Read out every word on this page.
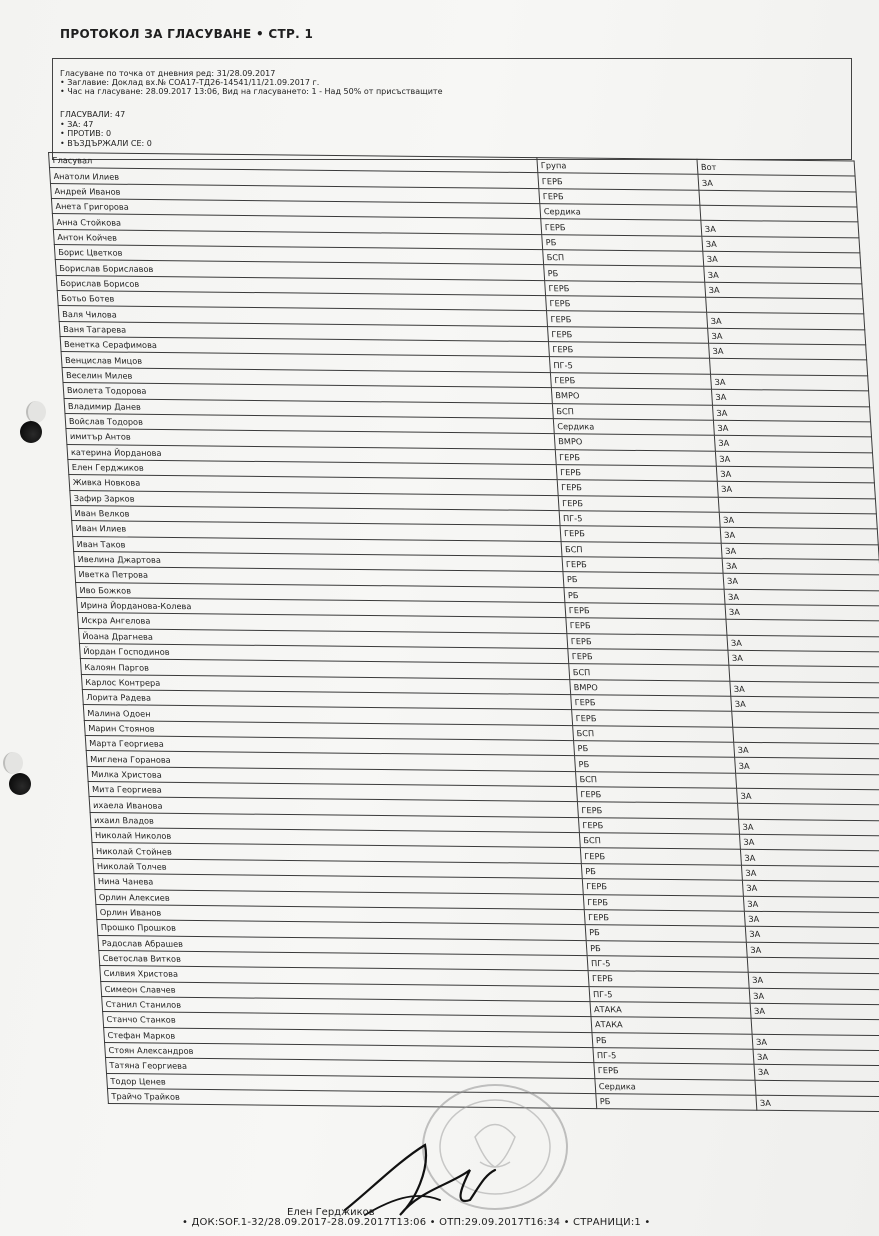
ПРОТОКОЛ ЗА ГЛАСУВАНЕ • СТР. 1
Гласуване по точка от дневния ред: 31/28.09.2017
• Заглавие: Доклад вх.№ СОА17-ТД26-14541/11/21.09.2017 г.
• Час на гласуване: 28.09.2017 13:06, Вид на гласуването: 1 - Над 50% от присъстващите
ГЛАСУВАЛИ: 47
• ЗА: 47
• ПРОТИВ: 0
• ВЪЗДЪРЖАЛИ СЕ: 0
Гласувал	Група	Вот
Анатоли Илиев	ГЕРБ	ЗА
Андрей Иванов	ГЕРБ	
Анета Григорова	Сердика	
Анна Стойкова	ГЕРБ	ЗА
Антон Койчев	РБ	ЗА
Борис Цветков	БСП	ЗА
Борислав Бориславов	РБ	ЗА
Борислав Борисов	ГЕРБ	ЗА
Ботьо Ботев	ГЕРБ	
Валя Чилова	ГЕРБ	ЗА
Ваня Тагарева	ГЕРБ	ЗА
Венетка Серафимова	ГЕРБ	ЗА
Венцислав Мицов	ПГ-5	
Веселин Милев	ГЕРБ	ЗА
Виолета Тодорова	ВМРО	ЗА
Владимир Данев	БСП	ЗА
Войслав Тодоров	Сердика	ЗА
имитър Антов	ВМРО	ЗА
катерина Йорданова	ГЕРБ	ЗА
Елен Герджиков	ГЕРБ	ЗА
Живка Новкова	ГЕРБ	ЗА
Зафир Зарков	ГЕРБ	
Иван Велков	ПГ-5	ЗА
Иван Илиев	ГЕРБ	ЗА
Иван Таков	БСП	ЗА
Ивелина Джартова	ГЕРБ	ЗА
Иветка Петрова	РБ	ЗА
Иво Божков	РБ	ЗА
Ирина Йорданова-Колева	ГЕРБ	ЗА
Искра Ангелова	ГЕРБ	
Йоана Драгнева	ГЕРБ	ЗА
Йордан Господинов	ГЕРБ	ЗА
Калоян Паргов	БСП	
Карлос Контрера	ВМРО	ЗА
Лорита Радева	ГЕРБ	ЗА
Малина Одоен	ГЕРБ	
Марин Стоянов	БСП	
Марта Георгиева	РБ	ЗА
Миглена Горанова	РБ	ЗА
Милка Христова	БСП	
Мита Георгиева	ГЕРБ	ЗА
ихаела Иванова	ГЕРБ	
ихаил Владов	ГЕРБ	ЗА
Николай Николов	БСП	ЗА
Николай Стойнев	ГЕРБ	ЗА
Николай Толчев	РБ	ЗА
Нина Чанева	ГЕРБ	ЗА
Орлин Алексиев	ГЕРБ	ЗА
Орлин Иванов	ГЕРБ	ЗА
Прошко Прошков	РБ	ЗА
Радослав Абрашев	РБ	ЗА
Светослав Витков	ПГ-5	
Силвия Христова	ГЕРБ	ЗА
Симеон Славчев	ПГ-5	ЗА
Станил Станилов	АТАКА	ЗА
Станчо Станков	АТАКА	
Стефан Марков	РБ	ЗА
Стоян Александров	ПГ-5	ЗА
Татяна Георгиева	ГЕРБ	ЗА
Тодор Ценев	Сердика	
Трайчо Трайков	РБ	ЗА
Елен Герджиков
• ДОК:SOF.1-32/28.09.2017-28.09.2017T13:06 • ОТП:29.09.2017T16:34 • СТРАНИЦИ:1 •
